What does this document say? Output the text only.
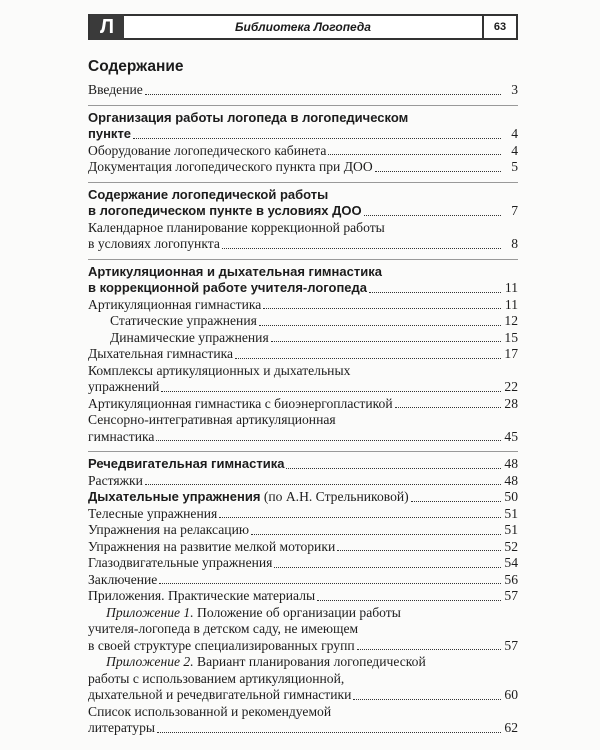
Л	Библиотека Логопеда	63
Содержание
Введение	3
Организация работы логопеда в логопедическом
пункте	4
Оборудование логопедического кабинета	4
Документация логопедического пункта при ДОО	5
Содержание логопедической работы
в логопедическом пункте в условиях ДОО	7
Календарное планирование коррекционной работы
в условиях логопункта	8
Артикуляционная и дыхательная гимнастика
в коррекционной работе учителя-логопеда	11
Артикуляционная гимнастика	11
Статические упражнения	12
Динамические упражнения	15
Дыхательная гимнастика	17
Комплексы артикуляционных и дыхательных
упражнений	22
Артикуляционная гимнастика с биоэнергопластикой	28
Сенсорно-интегративная артикуляционная
гимнастика	45
Речедвигательная гимнастика	48
Растяжки	48
Дыхательные упражнения (по А.Н. Стрельниковой)	50
Телесные упражнения	51
Упражнения на релаксацию	51
Упражнения на развитие мелкой моторики	52
Глазодвигательные упражнения	54
Заключение	56
Приложения. Практические материалы	57
Приложение 1. Положение об организации работы
учителя-логопеда в детском саду, не имеющем
в своей структуре специализированных групп	57
Приложение 2. Вариант планирования логопедической
работы с использованием артикуляционной,
дыхательной и речедвигательной гимнастики	60
Список использованной и рекомендуемой
литературы	62
